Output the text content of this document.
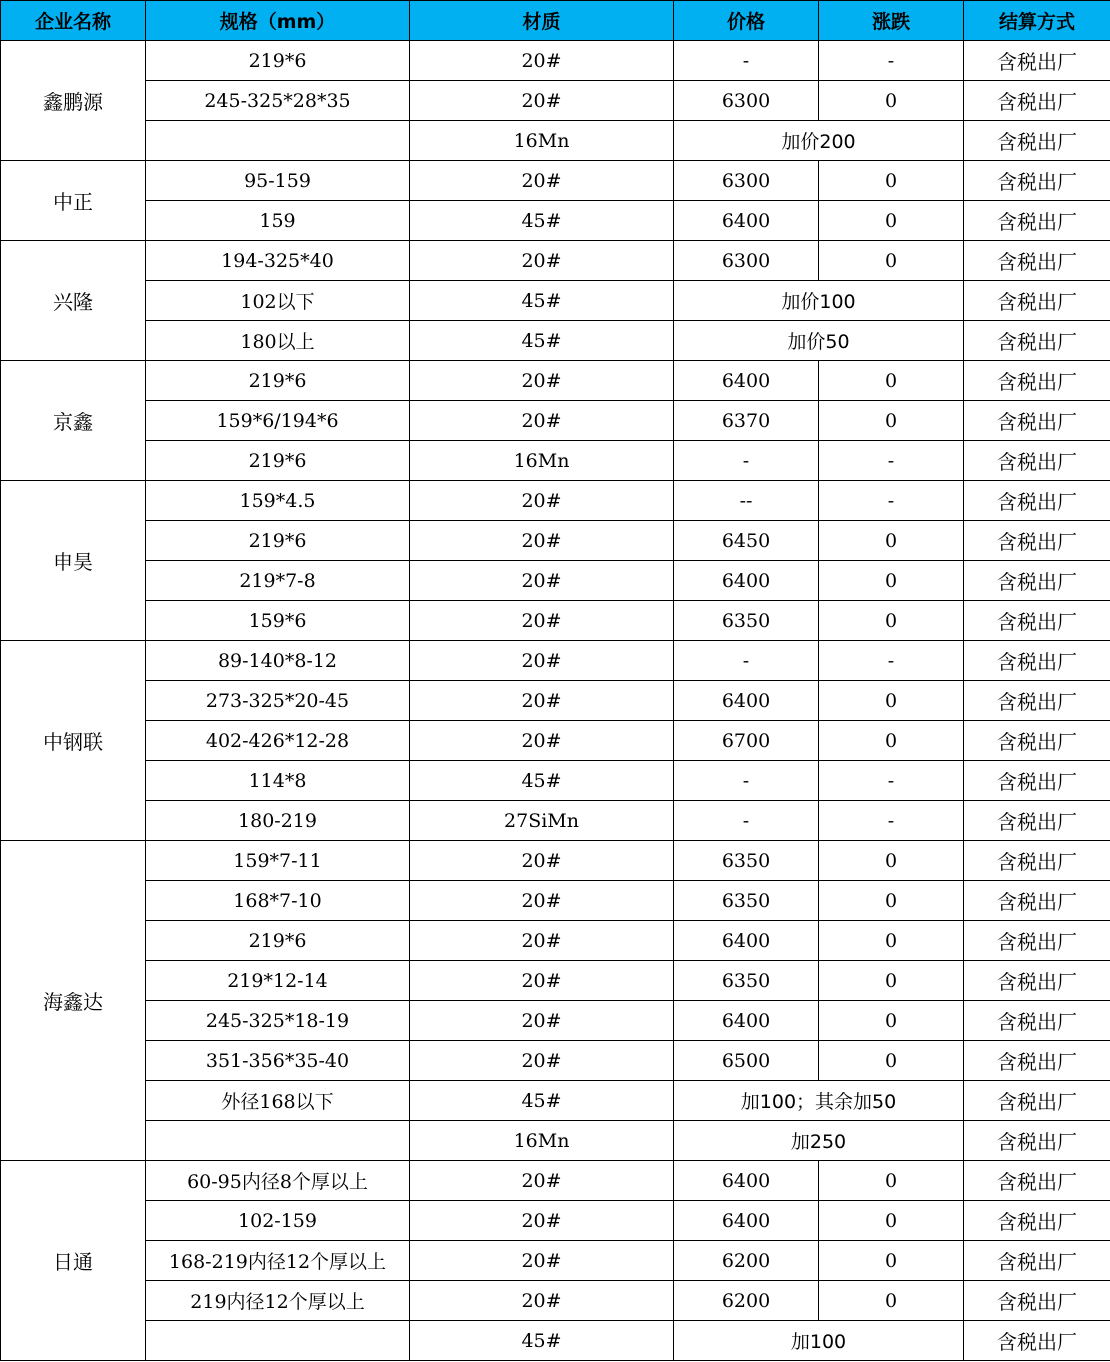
企业名称	规格（mm）	材质	价格	涨跌	结算方式
鑫鹏源	219*6	20#	-	-	含税出厂
	245-325*28*35	20#	6300	0	含税出厂
		16Mn	加价200		含税出厂
中正	95-159	20#	6300	0	含税出厂
	159	45#	6400	0	含税出厂
兴隆	194-325*40	20#	6300	0	含税出厂
	102以下	45#	加价100		含税出厂
	180以上	45#	加价50		含税出厂
京鑫	219*6	20#	6400	0	含税出厂
	159*6/194*6	20#	6370	0	含税出厂
	219*6	16Mn	-	-	含税出厂
申昊	159*4.5	20#	--	-	含税出厂
	219*6	20#	6450	0	含税出厂
	219*7-8	20#	6400	0	含税出厂
	159*6	20#	6350	0	含税出厂
中钢联	89-140*8-12	20#	-	-	含税出厂
	273-325*20-45	20#	6400	0	含税出厂
	402-426*12-28	20#	6700	0	含税出厂
	114*8	45#	-	-	含税出厂
	180-219	27SiMn	-	-	含税出厂
海鑫达	159*7-11	20#	6350	0	含税出厂
	168*7-10	20#	6350	0	含税出厂
	219*6	20#	6400	0	含税出厂
	219*12-14	20#	6350	0	含税出厂
	245-325*18-19	20#	6400	0	含税出厂
	351-356*35-40	20#	6500	0	含税出厂
	外径168以下	45#	加100；其余加50		含税出厂
		16Mn	加250		含税出厂
日通	60-95内径8个厚以上	20#	6400	0	含税出厂
	102-159	20#	6400	0	含税出厂
	168-219内径12个厚以上	20#	6200	0	含税出厂
	219内径12个厚以上	20#	6200	0	含税出厂
		45#	加100		含税出厂
